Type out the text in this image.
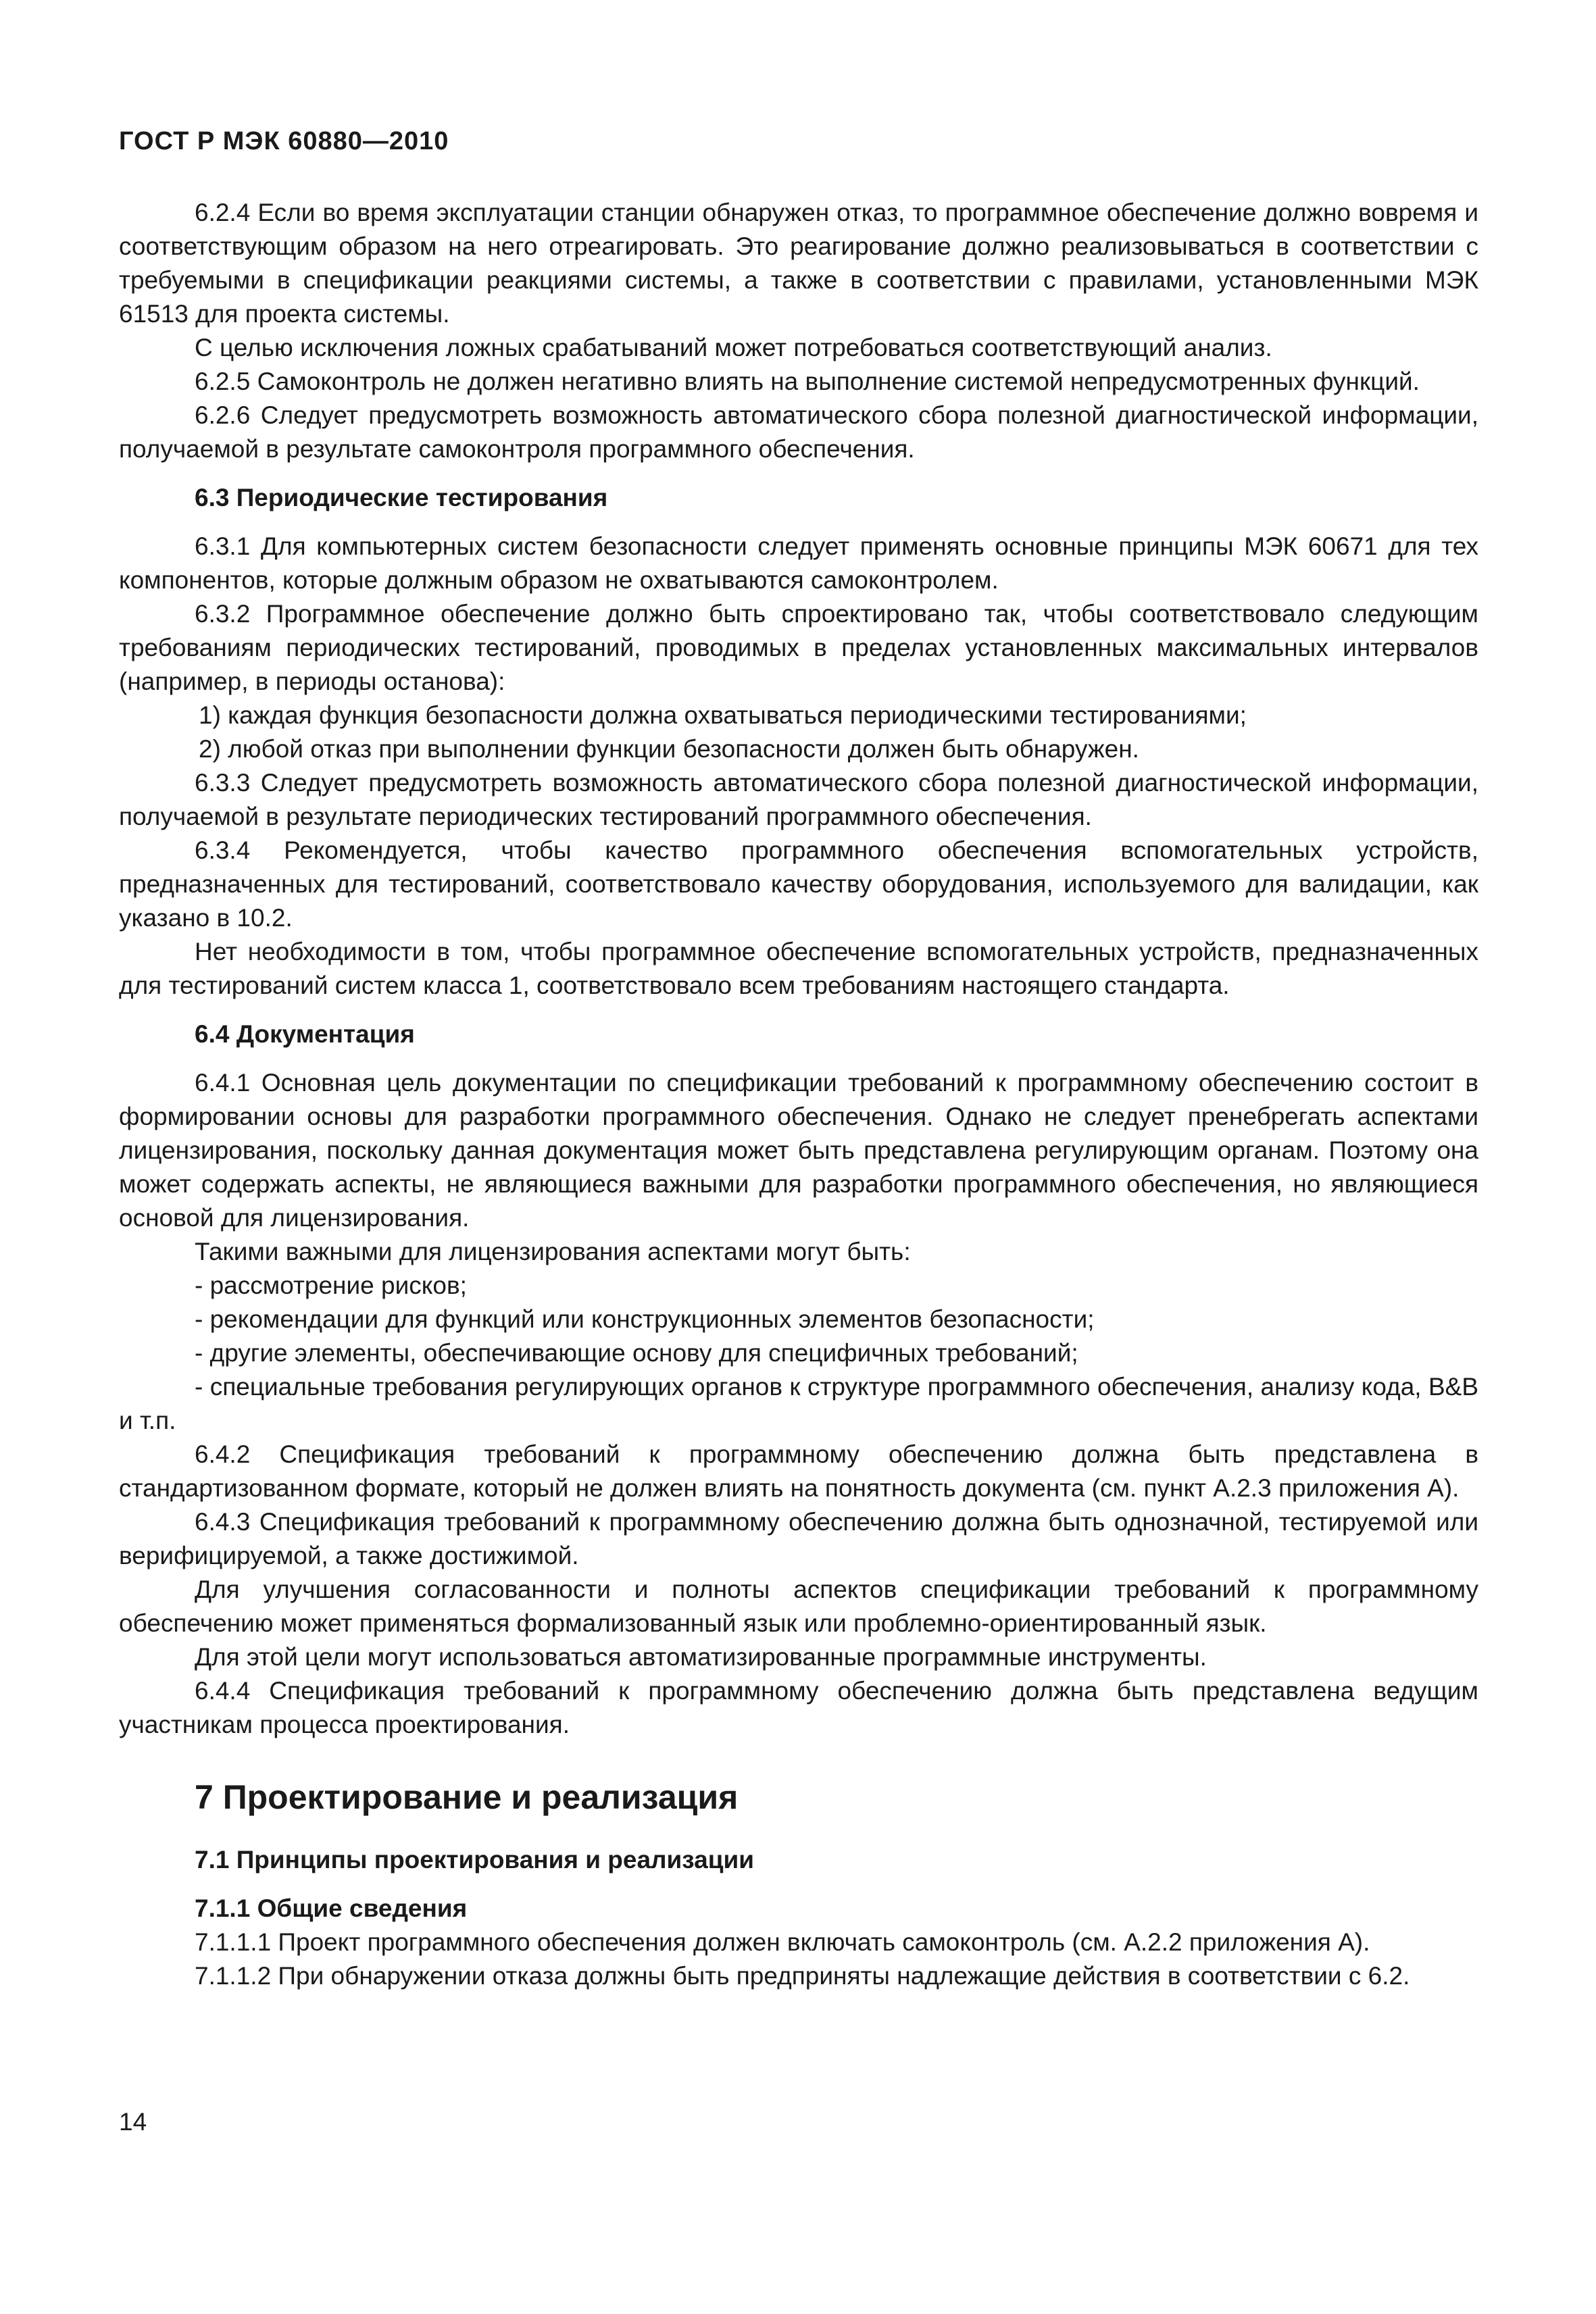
ГОСТ Р МЭК 60880—2010

6.2.4 Если во время эксплуатации станции обнаружен отказ, то программное обеспечение должно вовремя и соответствующим образом на него отреагировать. Это реагирование должно реализовываться в соответствии с требуемыми в спецификации реакциями системы, а также в соответствии с правилами, установленными МЭК 61513 для проекта системы.

С целью исключения ложных срабатываний может потребоваться соответствующий анализ.

6.2.5 Самоконтроль не должен негативно влиять на выполнение системой непредусмотренных функций.

6.2.6 Следует предусмотреть возможность автоматического сбора полезной диагностической информации, получаемой в результате самоконтроля программного обеспечения.

6.3 Периодические тестирования

6.3.1 Для компьютерных систем безопасности следует применять основные принципы МЭК 60671 для тех компонентов, которые должным образом не охватываются самоконтролем.

6.3.2 Программное обеспечение должно быть спроектировано так, чтобы соответствовало следующим требованиям периодических тестирований, проводимых в пределах установленных максимальных интервалов (например, в периоды останова):

1) каждая функция безопасности должна охватываться периодическими тестированиями;

2) любой отказ при выполнении функции безопасности должен быть обнаружен.

6.3.3 Следует предусмотреть возможность автоматического сбора полезной диагностической информации, получаемой в результате периодических тестирований программного обеспечения.

6.3.4 Рекомендуется, чтобы качество программного обеспечения вспомогательных устройств, предназначенных для тестирований, соответствовало качеству оборудования, используемого для валидации, как указано в 10.2.

Нет необходимости в том, чтобы программное обеспечение вспомогательных устройств, предназначенных для тестирований систем класса 1, соответствовало всем требованиям настоящего стандарта.

6.4 Документация

6.4.1 Основная цель документации по спецификации требований к программному обеспечению состоит в формировании основы для разработки программного обеспечения. Однако не следует пренебрегать аспектами лицензирования, поскольку данная документация может быть представлена регулирующим органам. Поэтому она может содержать аспекты, не являющиеся важными для разработки программного обеспечения, но являющиеся основой для лицензирования.

Такими важными для лицензирования аспектами могут быть:

- рассмотрение рисков;

- рекомендации для функций или конструкционных элементов безопасности;

- другие элементы, обеспечивающие основу для специфичных требований;

- специальные требования регулирующих органов к структуре программного обеспечения, анализу кода, В&В и т.п.

6.4.2 Спецификация требований к программному обеспечению должна быть представлена в стандартизованном формате, который не должен влиять на понятность документа (см. пункт А.2.3 приложения А).

6.4.3 Спецификация требований к программному обеспечению должна быть однозначной, тестируемой или верифицируемой, а также достижимой.

Для улучшения согласованности и полноты аспектов спецификации требований к программному обеспечению может применяться формализованный язык или проблемно-ориентированный язык.

Для этой цели могут использоваться автоматизированные программные инструменты.

6.4.4 Спецификация требований к программному обеспечению должна быть представлена ведущим участникам процесса проектирования.

7 Проектирование и реализация
7.1 Принципы проектирования и реализации
7.1.1 Общие сведения

7.1.1.1 Проект программного обеспечения должен включать самоконтроль (см. А.2.2 приложения А).

7.1.1.2 При обнаружении отказа должны быть предприняты надлежащие действия в соответствии с 6.2.

14
